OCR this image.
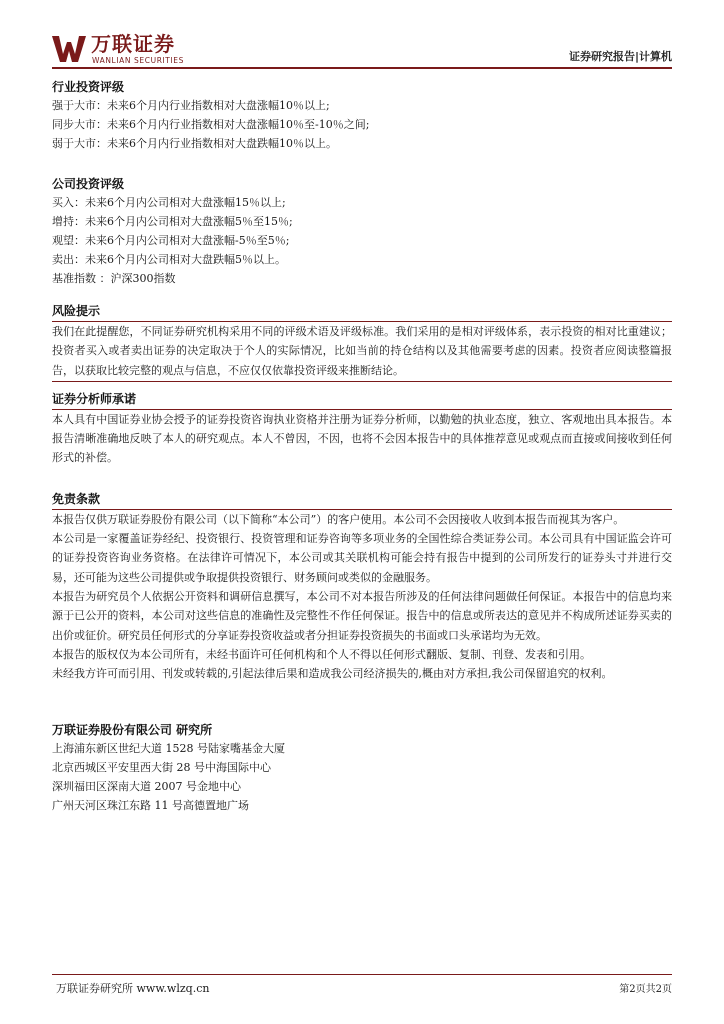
万联证券
WANLIAN SECURITIES	证券研究报告|计算机

行业投资评级

强于大市：未来6个月内行业指数相对大盘涨幅10％以上;

同步大市：未来6个月内行业指数相对大盘涨幅10％至-10％之间;

弱于大市：未来6个月内行业指数相对大盘跌幅10％以上。

公司投资评级

买入：未来6个月内公司相对大盘涨幅15％以上;

增持：未来6个月内公司相对大盘涨幅5％至15％;

观望：未来6个月内公司相对大盘涨幅-5％至5％;

卖出：未来6个月内公司相对大盘跌幅5％以上。

基准指数 ：沪深300指数

风险提示

我们在此提醒您，不同证券研究机构采用不同的评级术语及评级标准。我们采用的是相对评级体系，表示投资的相对比重建议；投资者买入或者卖出证券的决定取决于个人的实际情况，比如当前的持仓结构以及其他需要考虑的因素。投资者应阅读整篇报告，以获取比较完整的观点与信息，不应仅仅依靠投资评级来推断结论。

证券分析师承诺

本人具有中国证券业协会授予的证券投资咨询执业资格并注册为证券分析师，以勤勉的执业态度，独立、客观地出具本报告。本报告清晰准确地反映了本人的研究观点。本人不曾因，不因，也将不会因本报告中的具体推荐意见或观点而直接或间接收到任何形式的补偿。

免责条款

本报告仅供万联证券股份有限公司（以下简称“本公司”）的客户使用。本公司不会因接收人收到本报告而视其为客户。

本公司是一家覆盖证券经纪、投资银行、投资管理和证券咨询等多项业务的全国性综合类证券公司。本公司具有中国证监会许可的证券投资咨询业务资格。在法律许可情况下，本公司或其关联机构可能会持有报告中提到的公司所发行的证券头寸并进行交易，还可能为这些公司提供或争取提供投资银行、财务顾问或类似的金融服务。

本报告为研究员个人依据公开资料和调研信息撰写，本公司不对本报告所涉及的任何法律问题做任何保证。本报告中的信息均来源于已公开的资料，本公司对这些信息的准确性及完整性不作任何保证。报告中的信息或所表达的意见并不构成所述证券买卖的出价或征价。研究员任何形式的分享证券投资收益或者分担证券投资损失的书面或口头承诺均为无效。

本报告的版权仅为本公司所有，未经书面许可任何机构和个人不得以任何形式翻版、复制、刊登、发表和引用。

未经我方许可而引用、刊发或转载的,引起法律后果和造成我公司经济损失的,概由对方承担,我公司保留追究的权利。

万联证券股份有限公司 研究所

上海浦东新区世纪大道 1528 号陆家嘴基金大厦

北京西城区平安里西大街 28 号中海国际中心

深圳福田区深南大道 2007 号金地中心

广州天河区珠江东路 11 号高德置地广场

万联证券研究所 www.wlzq.cn	第2页共2页
